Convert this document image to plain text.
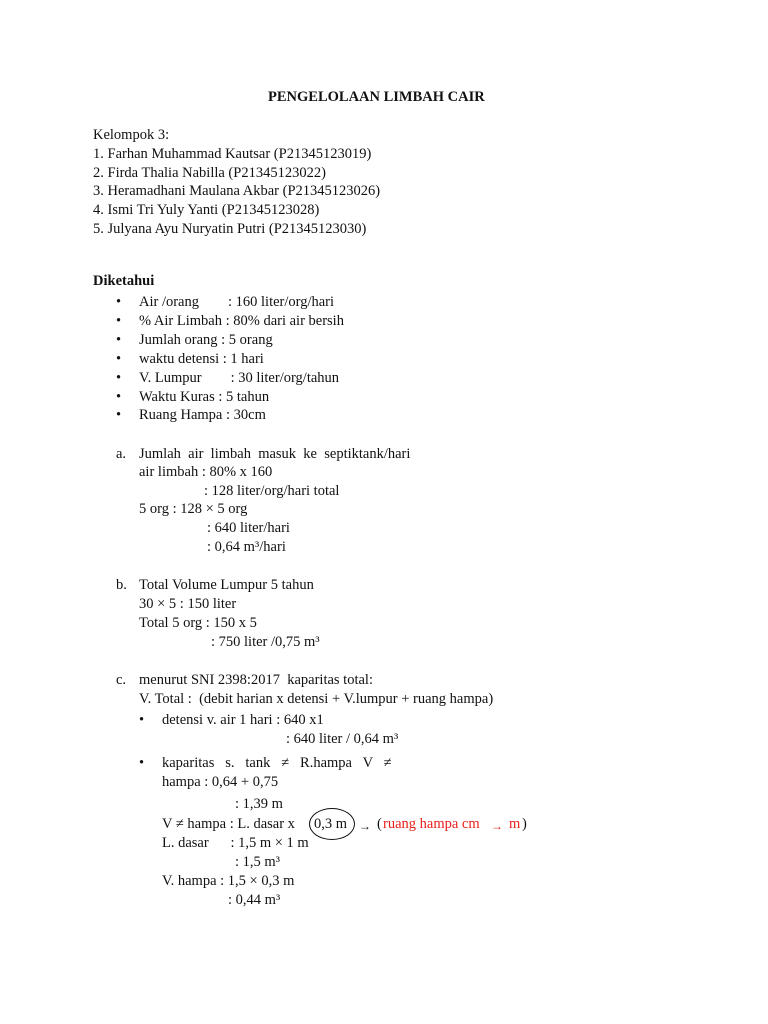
PENGELOLAAN LIMBAH CAIR
Kelompok 3:
1. Farhan Muhammad Kautsar (P21345123019)
2. Firda Thalia Nabilla (P21345123022)
3. Heramadhani Maulana Akbar (P21345123026)
4. Ismi Tri Yuly Yanti (P21345123028)
5. Julyana Ayu Nuryatin Putri (P21345123030)
Diketahui
• Air /orang        : 160 liter/org/hari
• % Air Limbah : 80% dari air bersih
• Jumlah orang : 5 orang
• waktu detensi : 1 hari
• V. Lumpur        : 30 liter/org/tahun
• Waktu Kuras : 5 tahun
• Ruang Hampa : 30cm
a. Jumlah  air  limbah  masuk  ke  septiktank/hari
air limbah : 80% x 160
: 128 liter/org/hari total
5 org : 128 × 5 org
: 640 liter/hari
: 0,64 m³/hari
b. Total Volume Lumpur 5 tahun
30 × 5 : 150 liter
Total 5 org : 150 x 5
: 750 liter /0,75 m³
c. menurut SNI 2398:2017  kaparitas total:
V. Total :  (debit harian x detensi + V.lumpur + ruang hampa)
• detensi v. air 1 hari : 640 x1
: 640 liter / 0,64 m³
• kaparitas   s.   tank   ≠   R.hampa   V   ≠
hampa : 0,64 + 0,75
: 1,39 m
V ≠ hampa : L. dasar x 0,3 m → ( ruang hampa cm → m )
L. dasar      : 1,5 m × 1 m
: 1,5 m³
V. hampa : 1,5 × 0,3 m
: 0,44 m³
